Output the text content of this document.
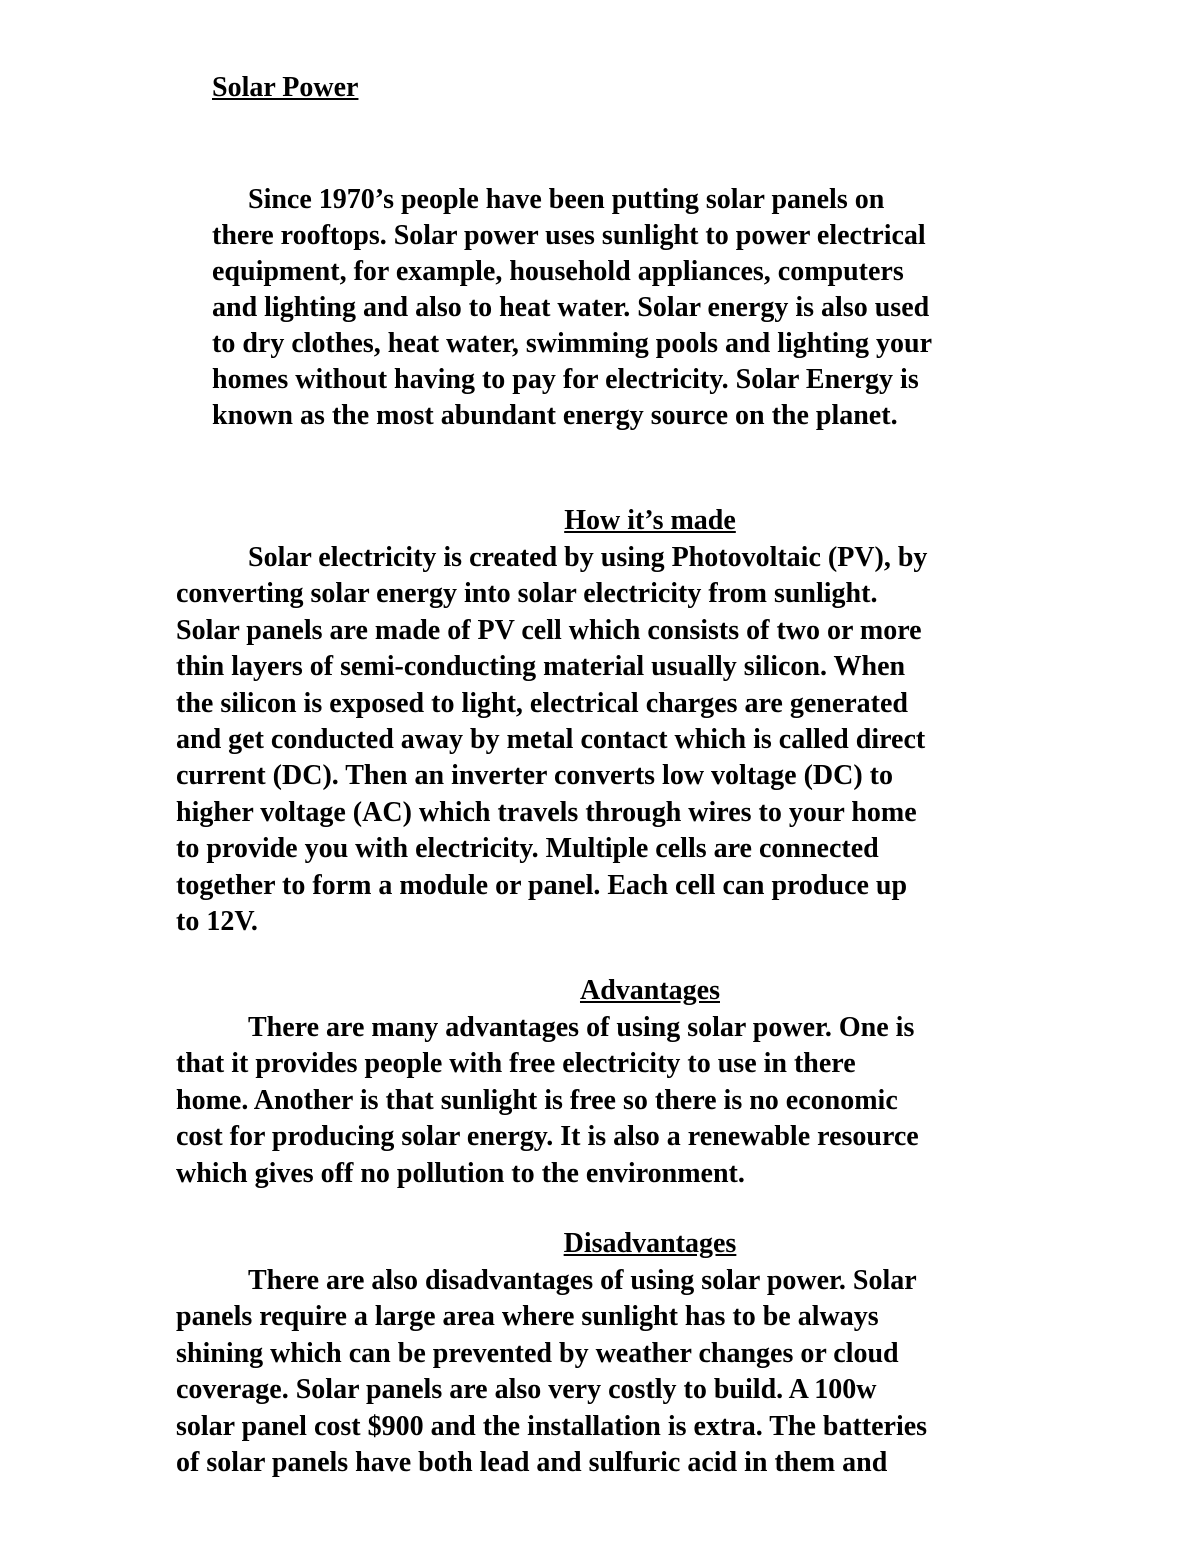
Solar Power
Since 1970’s people have been putting solar panels on
there rooftops. Solar power uses sunlight to power electrical
equipment, for example, household appliances, computers
and lighting and also to heat water. Solar energy is also used
to dry clothes, heat water, swimming pools and lighting your
homes without having to pay for electricity. Solar Energy is
known as the most abundant energy source on the planet.
How it’s made
Solar electricity is created by using Photovoltaic (PV), by
converting solar energy into solar electricity from sunlight.
Solar panels are made of PV cell which consists of two or more
thin layers of semi-conducting material usually silicon. When
the silicon is exposed to light, electrical charges are generated
and get conducted away by metal contact which is called direct
current (DC). Then an inverter converts low voltage (DC) to
higher voltage (AC) which travels through wires to your home
to provide you with electricity. Multiple cells are connected
together to form a module or panel. Each cell can produce up
to 12V.
Advantages
There are many advantages of using solar power. One is
that it provides people with free electricity to use in there
home. Another is that sunlight is free so there is no economic
cost for producing solar energy. It is also a renewable resource
which gives off no pollution to the environment.
Disadvantages
There are also disadvantages of using solar power. Solar
panels require a large area where sunlight has to be always
shining which can be prevented by weather changes or cloud
coverage. Solar panels are also very costly to build. A 100w
solar panel cost $900 and the installation is extra. The batteries
of solar panels have both lead and sulfuric acid in them and
